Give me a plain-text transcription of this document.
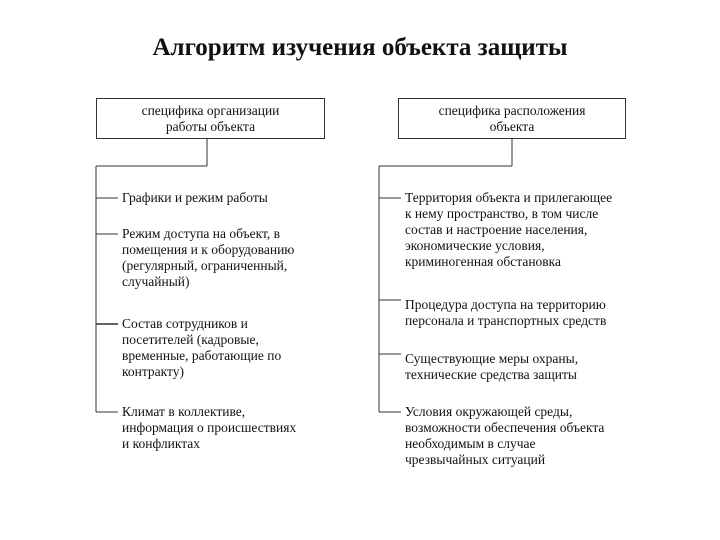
Алгоритм изучения объекта защиты
специфика организации
работы объекта
специфика расположения
объекта
Графики и режим работы
Режим доступа на объект, в
помещения и к оборудованию
(регулярный, ограниченный,
случайный)
Состав сотрудников и
посетителей (кадровые,
временные, работающие по
контракту)
Климат в коллективе,
информация о происшествиях
и конфликтах
Территория объекта и прилегающее
к нему пространство, в том числе
состав и настроение населения,
экономические условия,
криминогенная обстановка
Процедура доступа на территорию
персонала и транспортных средств
Существующие меры охраны,
технические средства защиты
Условия окружающей среды,
возможности обеспечения объекта
необходимым в случае
чрезвычайных ситуаций
